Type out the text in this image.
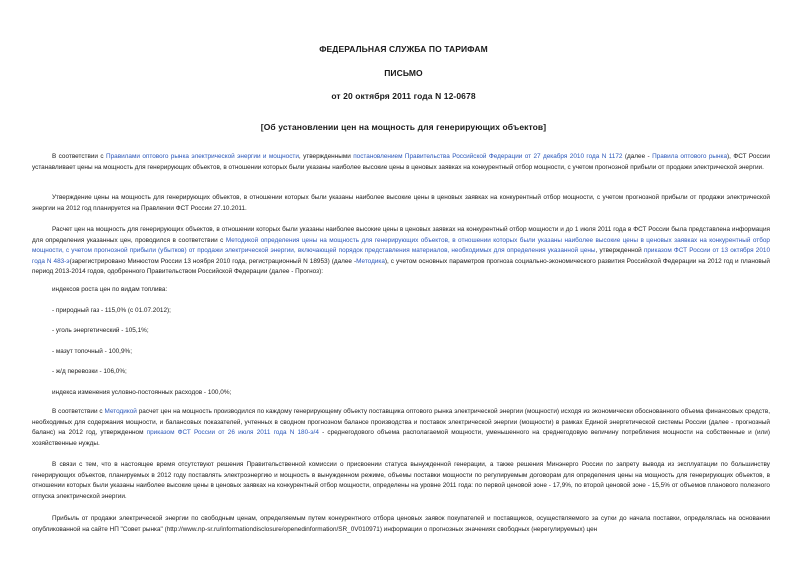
ФЕДЕРАЛЬНАЯ СЛУЖБА ПО ТАРИФАМ
ПИСЬМО
от 20 октября 2011 года N 12-0678
[Об установлении цен на мощность для генерирующих объектов]
В соответствии с Правилами оптового рынка электрической энергии и мощности, утвержденными постановлением Правительства Российской Федерации от 27 декабря 2010 года N 1172 (далее - Правила оптового рынка), ФСТ России устанавливает цены на мощность для генерирующих объектов, в отношении которых были указаны наиболее высокие цены в ценовых заявках на конкурентный отбор мощности, с учетом прогнозной прибыли от продажи электрической энергии.
Утверждение цены на мощность для генерирующих объектов, в отношении которых были указаны наиболее высокие цены в ценовых заявках на конкурентный отбор мощности, с учетом прогнозной прибыли от продажи электрической энергии на 2012 год планируется на Правлении ФСТ России 27.10.2011.
Расчет цен на мощность для генерирующих объектов, в отношении которых были указаны наиболее высокие цены в ценовых заявках на конкурентный отбор мощности и до 1 июля 2011 года в ФСТ России была представлена информация для определения указанных цен, проводился в соответствии с Методикой определения цены на мощность для генерирующих объектов, в отношении которых были указаны наиболее высокие цены в ценовых заявках на конкурентный отбор мощности, с учетом прогнозной прибыли (убытков) от продажи электрической энергии, включающей порядок представления материалов, необходимых для определения указанной цены, утвержденной приказом ФСТ России от 13 октября 2010 года N 483-э(зарегистрировано Минюстом России 13 ноября 2010 года, регистрационный N 18953) (далее -Методика), с учетом основных параметров прогноза социально-экономического развития Российской Федерации на 2012 год и плановый период 2013-2014 годов, одобренного Правительством Российской Федерации (далее - Прогноз):
индексов роста цен по видам топлива:
- природный газ - 115,0% (с 01.07.2012);
- уголь энергетический - 105,1%;
- мазут топочный - 100,9%;
- ж/д перевозки - 106,0%;
индекса изменения условно-постоянных расходов - 100,0%;
В соответствии с Методикой расчет цен на мощность производился по каждому генерирующему объекту поставщика оптового рынка электрической энергии (мощности) исходя из экономически обоснованного объема финансовых средств, необходимых для содержания мощности, и балансовых показателей, учтенных в сводном прогнозном балансе производства и поставок электрической энергии (мощности) в рамках Единой энергетической системы России (далее - прогнозный баланс) на 2012 год, утвержденном приказом ФСТ России от 26 июля 2011 года N 180-э/4 - среднегодового объема располагаемой мощности, уменьшенного на среднегодовую величину потребления мощности на собственные и (или) хозяйственные нужды.
В связи с тем, что в настоящее время отсутствуют решения Правительственной комиссии о присвоении статуса вынужденной генерации, а также решения Минэнерго России по запрету вывода из эксплуатации по большинству генерирующих объектов, планируемых в 2012 году поставлять электроэнергию и мощность в вынужденном режиме, объемы поставки мощности по регулируемым договорам для определения цены на мощность для генерирующих объектов, в отношении которых были указаны наиболее высокие цены в ценовых заявках на конкурентный отбор мощности, определены на уровне 2011 года: по первой ценовой зоне - 17,9%, по второй ценовой зоне - 15,5% от объемов планового полезного отпуска электрической энергии.
Прибыль от продажи электрической энергии по свободным ценам, определяемым путем конкурентного отбора ценовых заявок покупателей и поставщиков, осуществляемого за сутки до начала поставки, определялась на основании опубликованной на сайте НП "Совет рынка" (http://www.np-sr.ru/informationdisclosure/openedinformation/SR_0V010971) информации о прогнозных значениях свободных (нерегулируемых) цен
